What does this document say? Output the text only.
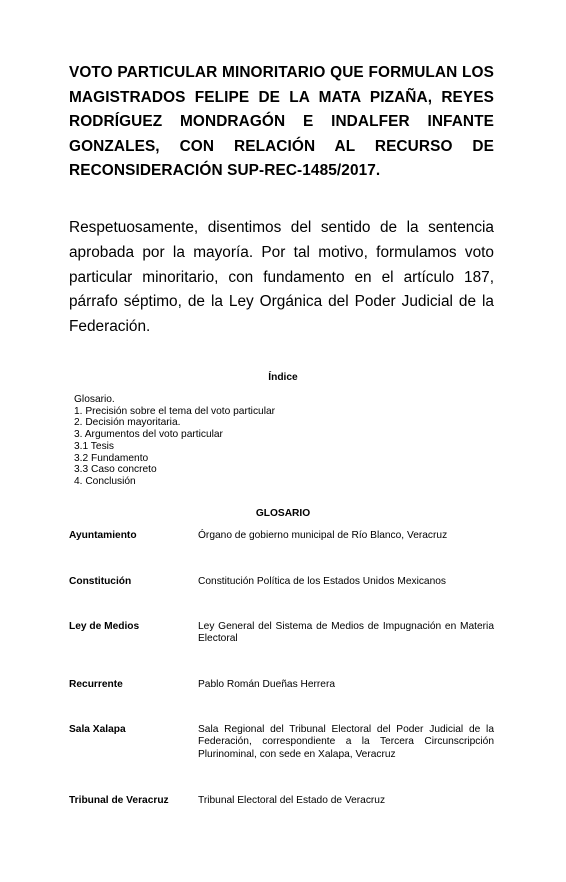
VOTO PARTICULAR MINORITARIO QUE FORMULAN LOS MAGISTRADOS FELIPE DE LA MATA PIZAÑA, REYES RODRÍGUEZ MONDRAGÓN E INDALFER INFANTE GONZALES, CON RELACIÓN AL RECURSO DE RECONSIDERACIÓN SUP-REC-1485/2017.
Respetuosamente, disentimos del sentido de la sentencia aprobada por la mayoría. Por tal motivo, formulamos voto particular minoritario, con fundamento en el artículo 187, párrafo séptimo, de la Ley Orgánica del Poder Judicial de la Federación.
Índice
Glosario.
1. Precisión sobre el tema del voto particular
2. Decisión mayoritaria.
3. Argumentos del voto particular
3.1 Tesis
3.2 Fundamento
3.3 Caso concreto
4. Conclusión
GLOSARIO
Ayuntamiento	Órgano de gobierno municipal de Río Blanco, Veracruz
Constitución	Constitución Política de los Estados Unidos Mexicanos
Ley de Medios	Ley General del Sistema de Medios de Impugnación en Materia Electoral
Recurrente	Pablo Román Dueñas Herrera
Sala Xalapa	Sala Regional del Tribunal Electoral del Poder Judicial de la Federación, correspondiente a la Tercera Circunscripción Plurinominal, con sede en Xalapa, Veracruz
Tribunal de Veracruz	Tribunal Electoral del Estado de Veracruz
